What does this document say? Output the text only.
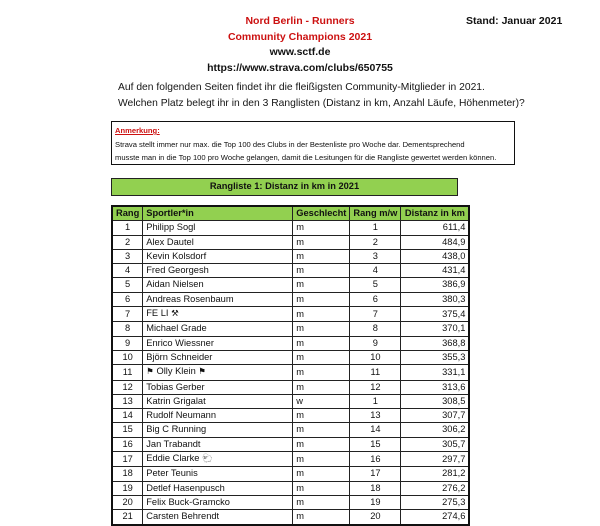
Nord Berlin - Runners
Community Champions 2021
www.sctf.de
https://www.strava.com/clubs/650755
Stand: Januar 2021
Auf den folgenden Seiten findet ihr die fleißigsten Community-Mitglieder in 2021.
Welchen Platz belegt ihr in den 3 Ranglisten (Distanz in km, Anzahl Läufe, Höhenmeter)?
Anmerkung:
Strava stellt immer nur max. die Top 100 des Clubs in der Bestenliste pro Woche dar. Dementsprechend
musste man in die Top 100 pro Woche gelangen, damit die Lesitungen für die Rangliste gewertet werden können.
Rangliste 1: Distanz in km in 2021
Rang	Sportler*in	Geschlecht	Rang m/w	Distanz in km
1	Philipp Sogl	m	1	611,4
2	Alex Dautel	m	2	484,9
3	Kevin Kolsdorf	m	3	438,0
4	Fred Georgesh	m	4	431,4
5	Aidan Nielsen	m	5	386,9
6	Andreas Rosenbaum	m	6	380,3
7	FE LI ⚒	m	7	375,4
8	Michael Grade	m	8	370,1
9	Enrico Wiessner	m	9	368,8
10	Björn Schneider	m	10	355,3
11	⚑ Olly Klein ⚑	m	11	331,1
12	Tobias Gerber	m	12	313,6
13	Katrin Grigalat	w	1	308,5
14	Rudolf Neumann	m	13	307,7
15	Big C Running	m	14	306,2
16	Jan Trabandt	m	15	305,7
17	Eddie Clarke 🐑	m	16	297,7
18	Peter Teunis	m	17	281,2
19	Detlef Hasenpusch	m	18	276,2
20	Felix Buck-Gramcko	m	19	275,3
21	Carsten Behrendt	m	20	274,6
